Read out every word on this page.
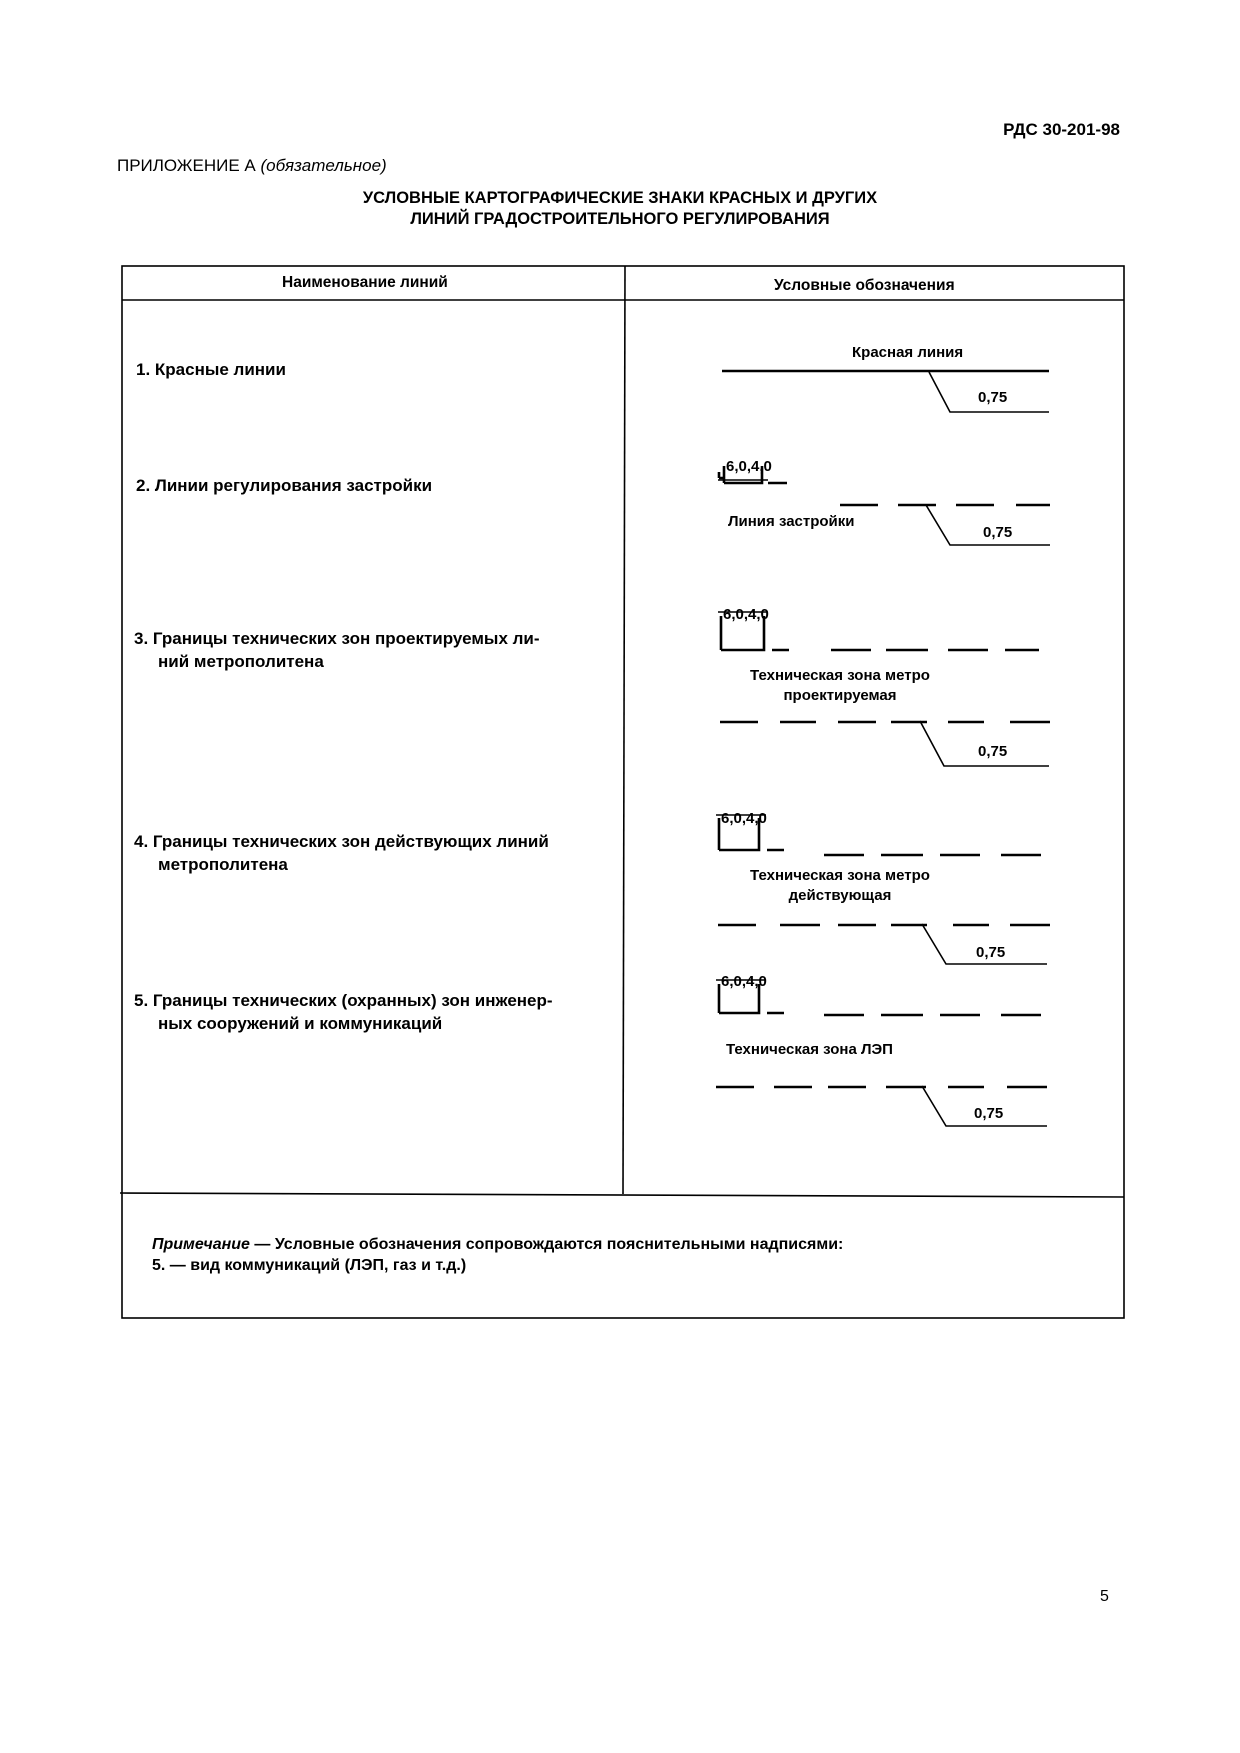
РДС 30-201-98
ПРИЛОЖЕНИЕ А (обязательное)
УСЛОВНЫЕ КАРТОГРАФИЧЕСКИЕ ЗНАКИ КРАСНЫХ И ДРУГИХ
ЛИНИЙ ГРАДОСТРОИТЕЛЬНОГО РЕГУЛИРОВАНИЯ
Наименование линий	Условные обозначения
1. Красные линии
2. Линии регулирования застройки
3. Границы технических зон проектируемых ли-
ний метрополитена
4. Границы технических зон действующих линий
метрополитена
5. Границы технических (охранных) зон инженер-
ных сооружений и коммуникаций
Красная линия
0,75
6,0,4,0
Линия застройки
0,75
6,0,4,0
Техническая зона метро
проектируемая
0,75
6,0,4,0
Техническая зона метро
действующая
0,75
6,0,4,0
Техническая зона ЛЭП
0,75
Примечание — Условные обозначения сопровождаются пояснительными надписями:
5. — вид коммуникаций (ЛЭП, газ и т.д.)
5
